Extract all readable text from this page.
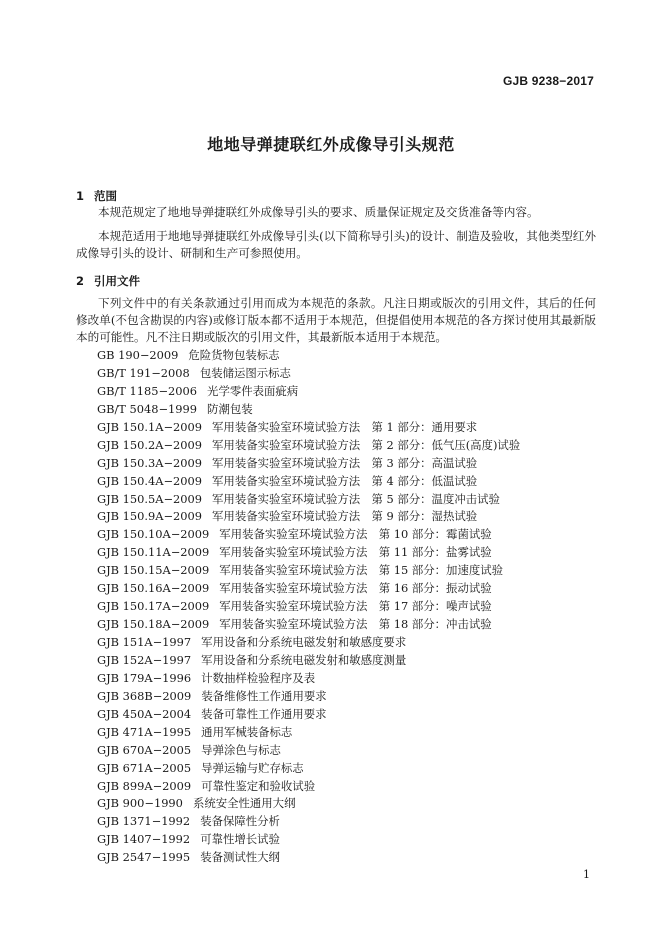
GJB 9238−2017
地地导弹捷联红外成像导引头规范
1 范围

本规范规定了地地导弹捷联红外成像导引头的要求、质量保证规定及交货准备等内容。

本规范适用于地地导弹捷联红外成像导引头(以下简称导引头)的设计、制造及验收，其他类型红外成像导引头的设计、研制和生产可参照使用。

2 引用文件

下列文件中的有关条款通过引用而成为本规范的条款。凡注日期或版次的引用文件，其后的任何修改单(不包含勘误的内容)或修订版本都不适用于本规范，但提倡使用本规范的各方探讨使用其最新版本的可能性。凡不注日期或版次的引用文件，其最新版本适用于本规范。

GB 190−2009 危险货物包装标志
GB/T 191−2008 包装储运图示标志
GB/T 1185−2006 光学零件表面疵病
GB/T 5048−1999 防潮包装
GJB 150.1A−2009 军用装备实验室环境试验方法　第 1 部分：通用要求
GJB 150.2A−2009 军用装备实验室环境试验方法　第 2 部分：低气压(高度)试验
GJB 150.3A−2009 军用装备实验室环境试验方法　第 3 部分：高温试验
GJB 150.4A−2009 军用装备实验室环境试验方法　第 4 部分：低温试验
GJB 150.5A−2009 军用装备实验室环境试验方法　第 5 部分：温度冲击试验
GJB 150.9A−2009 军用装备实验室环境试验方法　第 9 部分：湿热试验
GJB 150.10A−2009 军用装备实验室环境试验方法　第 10 部分：霉菌试验
GJB 150.11A−2009 军用装备实验室环境试验方法　第 11 部分：盐雾试验
GJB 150.15A−2009 军用装备实验室环境试验方法　第 15 部分：加速度试验
GJB 150.16A−2009 军用装备实验室环境试验方法　第 16 部分：振动试验
GJB 150.17A−2009 军用装备实验室环境试验方法　第 17 部分：噪声试验
GJB 150.18A−2009 军用装备实验室环境试验方法　第 18 部分：冲击试验
GJB 151A−1997 军用设备和分系统电磁发射和敏感度要求
GJB 152A−1997 军用设备和分系统电磁发射和敏感度测量
GJB 179A−1996 计数抽样检验程序及表
GJB 368B−2009 装备维修性工作通用要求
GJB 450A−2004 装备可靠性工作通用要求
GJB 471A−1995 通用军械装备标志
GJB 670A−2005 导弹涂色与标志
GJB 671A−2005 导弹运输与贮存标志
GJB 899A−2009 可靠性鉴定和验收试验
GJB 900−1990 系统安全性通用大纲
GJB 1371−1992 装备保障性分析
GJB 1407−1992 可靠性增长试验
GJB 2547−1995 装备测试性大纲
1
